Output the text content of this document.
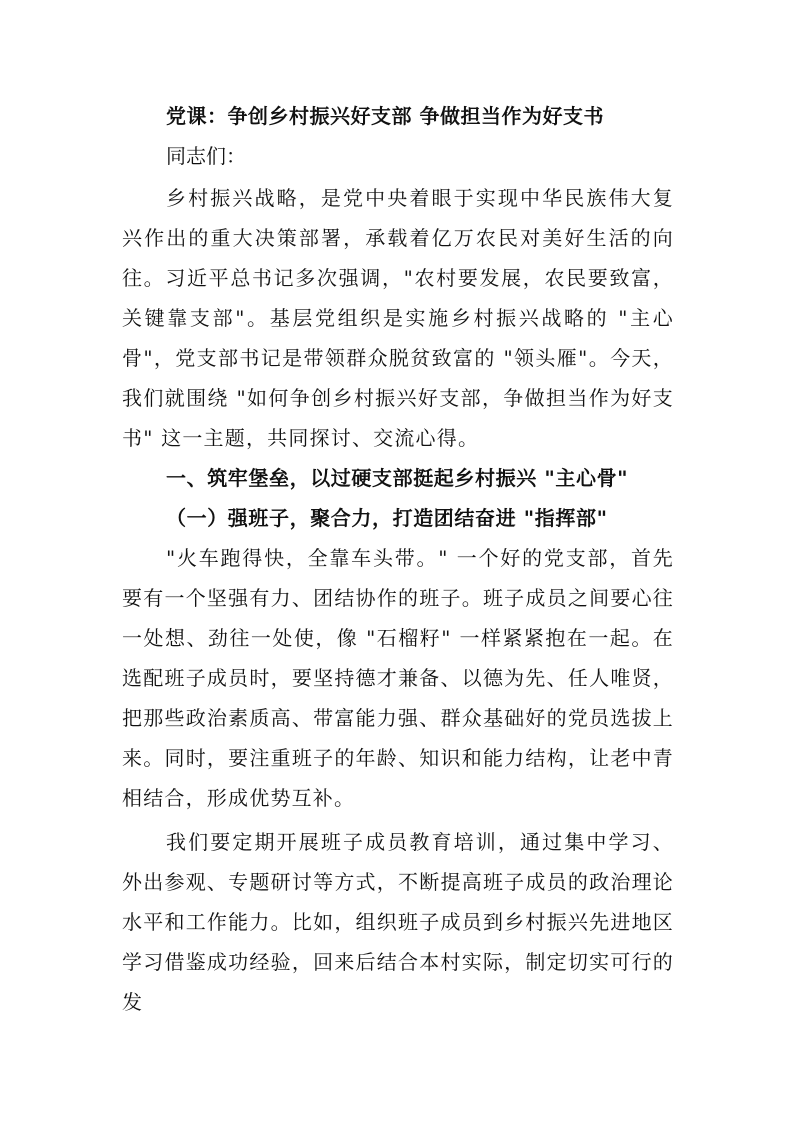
党课：争创乡村振兴好支部 争做担当作为好支书

同志们：

乡村振兴战略，是党中央着眼于实现中华民族伟大复兴作出的重大决策部署，承载着亿万农民对美好生活的向往。习近平总书记多次强调，"农村要发展，农民要致富，关键靠支部"。基层党组织是实施乡村振兴战略的 "主心骨"，党支部书记是带领群众脱贫致富的 "领头雁"。今天，我们就围绕 "如何争创乡村振兴好支部，争做担当作为好支书" 这一主题，共同探讨、交流心得。

一、筑牢堡垒，以过硬支部挺起乡村振兴 "主心骨"
（一）强班子，聚合力，打造团结奋进 "指挥部"

"火车跑得快，全靠车头带。" 一个好的党支部，首先要有一个坚强有力、团结协作的班子。班子成员之间要心往一处想、劲往一处使，像 "石榴籽" 一样紧紧抱在一起。在选配班子成员时，要坚持德才兼备、以德为先、任人唯贤，把那些政治素质高、带富能力强、群众基础好的党员选拔上来。同时，要注重班子的年龄、知识和能力结构，让老中青相结合，形成优势互补。

我们要定期开展班子成员教育培训，通过集中学习、外出参观、专题研讨等方式，不断提高班子成员的政治理论水平和工作能力。比如，组织班子成员到乡村振兴先进地区学习借鉴成功经验，回来后结合本村实际，制定切实可行的发
